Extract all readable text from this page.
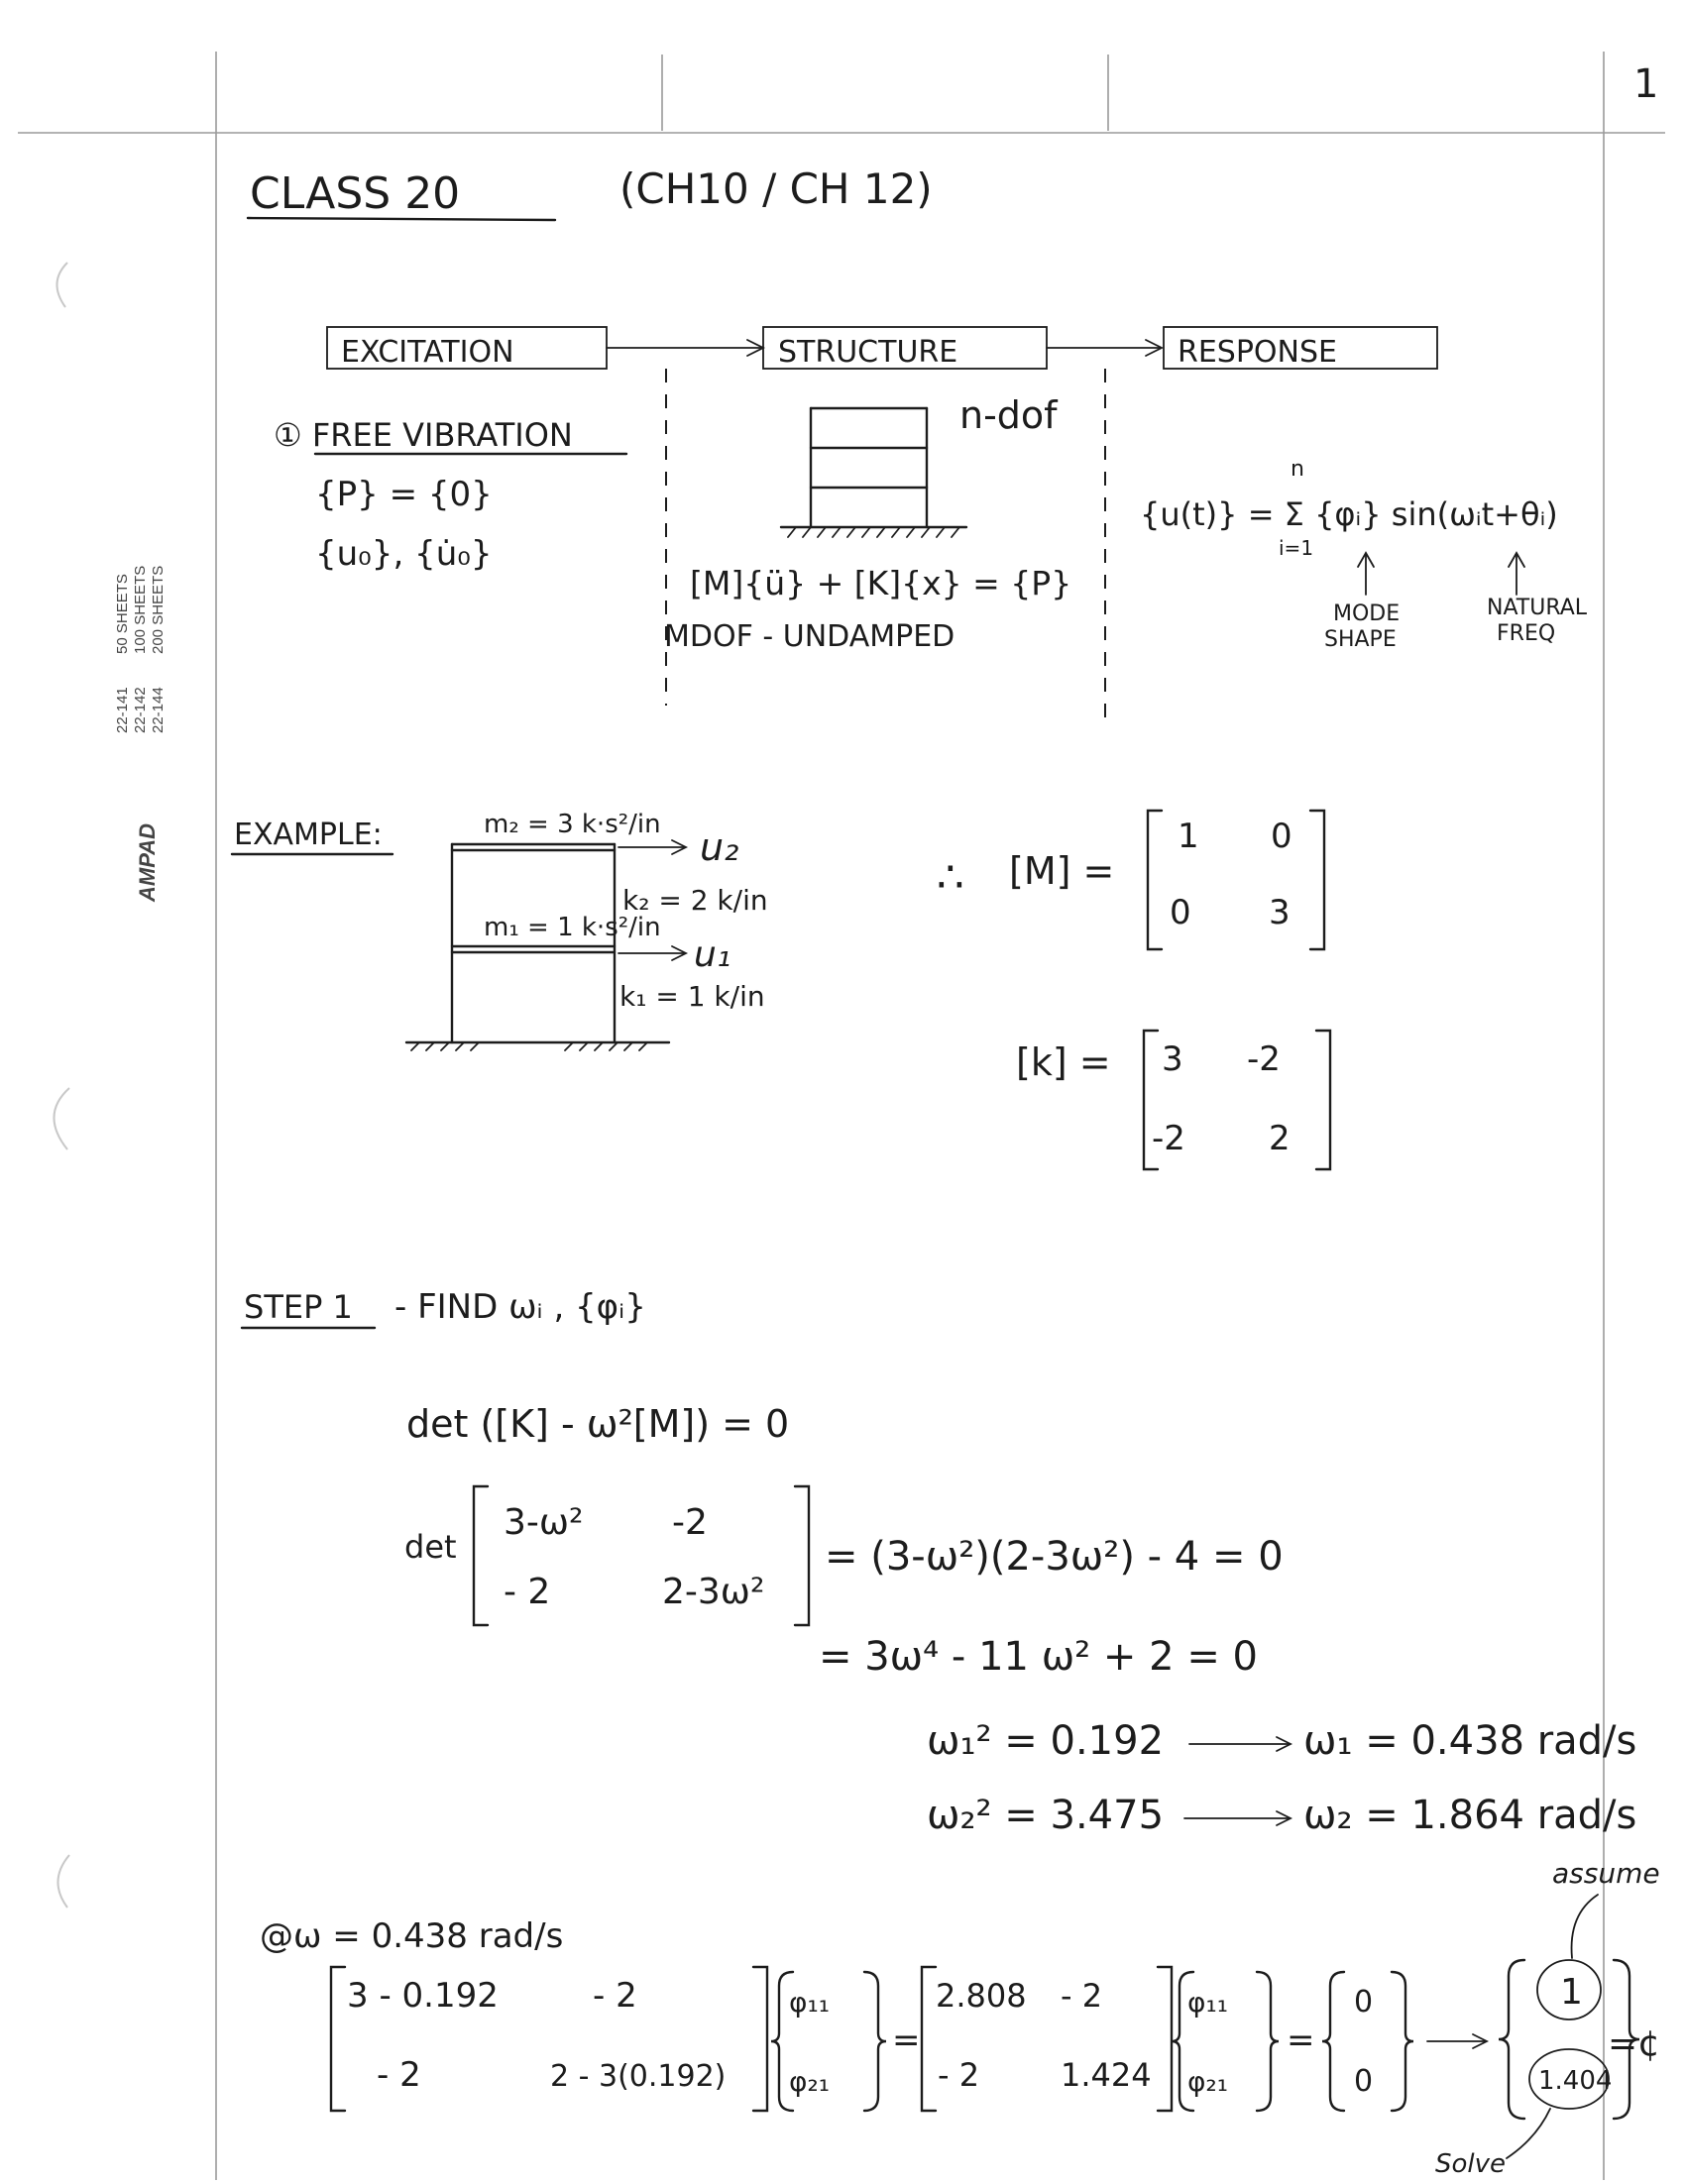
22-141 22-142 22-144
50 SHEETS 100 SHEETS 200 SHEETS
AMPAD
1
CLASS 20	(CH10 / CH 12)
EXCITATION	STRUCTURE	RESPONSE
① FREE VIBRATION
{P} = {0}
{u₀}, {u̇₀}
n-dof
[M]{ü} + [K]{x} = {P}
MDOF - UNDAMPED
{u(t)} = Σ {φᵢ} sin(ωᵢt+θᵢ)
n
i=1
MODE
SHAPE
NATURAL
FREQ
EXAMPLE:	m₂ = 3 k·s²/in
u₂
k₂ = 2 k/in
m₁ = 1 k·s²/in
u₁
k₁ = 1 k/in
∴ [M] =
1 0
0 3
[k] = 3 -2
-2 2
STEP 1 - FIND ωᵢ , {φᵢ}
det ([K] - ω²[M]) = 0
det
3-ω² -2
- 2	2-3ω²
= (3-ω²)(2-3ω²) - 4 = 0
= 3ω⁴ - 11 ω² + 2 = 0
ω₁² = 0.192	ω₁ = 0.438 rad/s
ω₂² = 3.475	ω₂ = 1.864 rad/s
@ω = 0.438 rad/s
3 - 0.192	- 2
- 2	2 - 3(0.192)
φ₁₁
φ₂₁
=
2.808 - 2
- 2	1.424
φ₁₁
φ₂₁
=
0
0
1
1.404
assume
=¢
Solve
